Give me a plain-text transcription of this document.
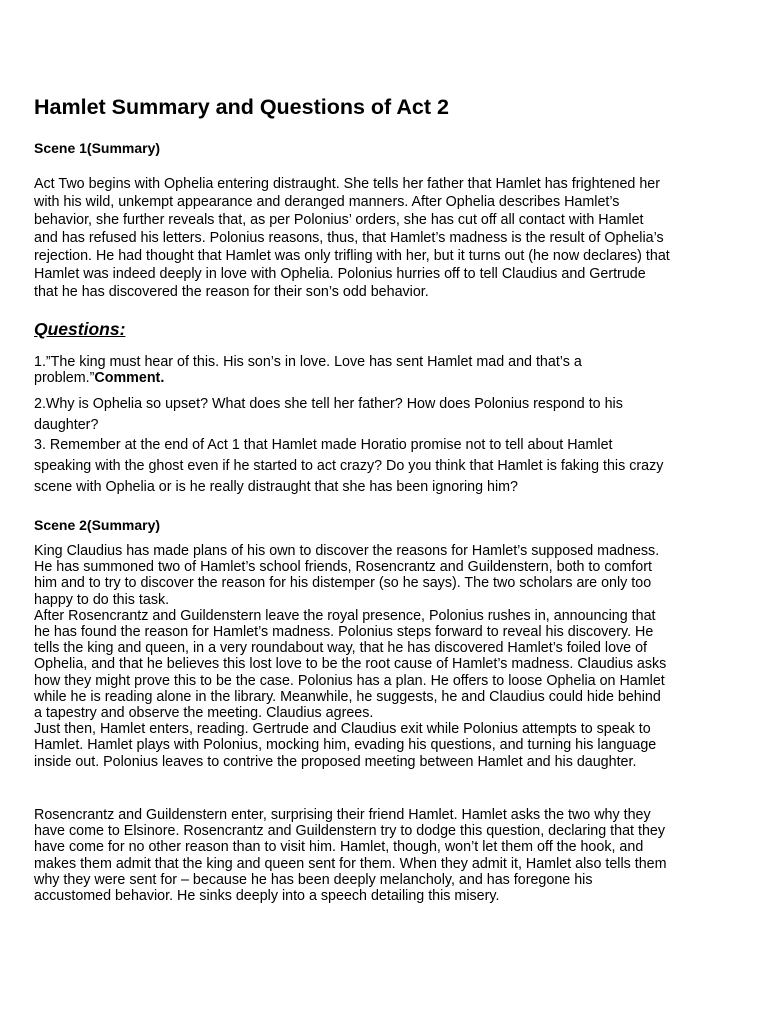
Hamlet Summary and Questions of Act 2
Scene 1(Summary)

Act Two begins with Ophelia entering distraught. She tells her father that Hamlet has frightened her
with his wild, unkempt appearance and deranged manners. After Ophelia describes Hamlet’s
behavior, she further reveals that, as per Polonius’ orders, she has cut off all contact with Hamlet
and has refused his letters. Polonius reasons, thus, that Hamlet’s madness is the result of Ophelia’s
rejection. He had thought that Hamlet was only trifling with her, but it turns out (he now declares) that
Hamlet was indeed deeply in love with Ophelia. Polonius hurries off to tell Claudius and Gertrude
that he has discovered the reason for their son’s odd behavior.

Questions:
1.”The king must hear of this. His son’s in love. Love has sent Hamlet mad and that’s a
problem.”Comment.
2.Why is Ophelia so upset? What does she tell her father? How does Polonius respond to his
daughter?
3. Remember at the end of Act 1 that Hamlet made Horatio promise not to tell about Hamlet
speaking with the ghost even if he started to act crazy? Do you think that Hamlet is faking this crazy
scene with Ophelia or is he really distraught that she has been ignoring him?
Scene 2(Summary)

King Claudius has made plans of his own to discover the reasons for Hamlet’s supposed madness.
He has summoned two of Hamlet’s school friends, Rosencrantz and Guildenstern, both to comfort
him and to try to discover the reason for his distemper (so he says). The two scholars are only too
happy to do this task.
After Rosencrantz and Guildenstern leave the royal presence, Polonius rushes in, announcing that
he has found the reason for Hamlet’s madness. Polonius steps forward to reveal his discovery. He
tells the king and queen, in a very roundabout way, that he has discovered Hamlet’s foiled love of
Ophelia, and that he believes this lost love to be the root cause of Hamlet’s madness. Claudius asks
how they might prove this to be the case. Polonius has a plan. He offers to loose Ophelia on Hamlet
while he is reading alone in the library. Meanwhile, he suggests, he and Claudius could hide behind
a tapestry and observe the meeting. Claudius agrees.
Just then, Hamlet enters, reading. Gertrude and Claudius exit while Polonius attempts to speak to
Hamlet. Hamlet plays with Polonius, mocking him, evading his questions, and turning his language
inside out. Polonius leaves to contrive the proposed meeting between Hamlet and his daughter.

Rosencrantz and Guildenstern enter, surprising their friend Hamlet. Hamlet asks the two why they
have come to Elsinore. Rosencrantz and Guildenstern try to dodge this question, declaring that they
have come for no other reason than to visit him. Hamlet, though, won’t let them off the hook, and
makes them admit that the king and queen sent for them. When they admit it, Hamlet also tells them
why they were sent for – because he has been deeply melancholy, and has foregone his
accustomed behavior. He sinks deeply into a speech detailing this misery.
